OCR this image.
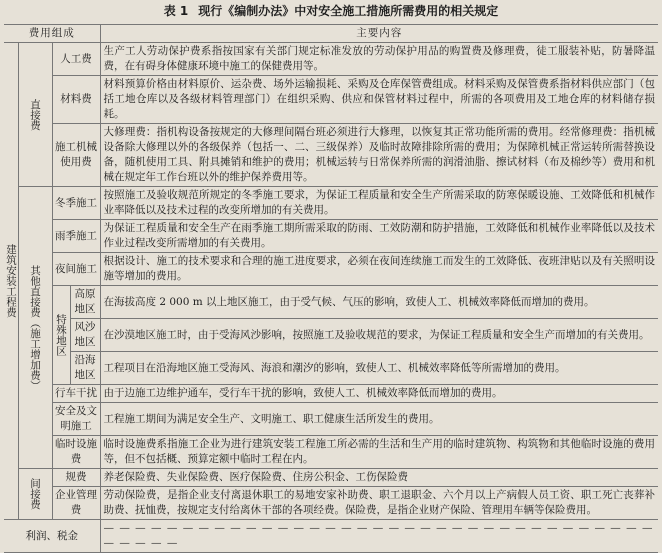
表 1 现行《编制办法》中对安全施工措施所需费用的相关规定
费用组成				主要内容

建筑安装工程费	直接费	人工费		生产工人劳动保护费系指按国家有关部门规定标准发放的劳动保护用品的购置费及修理费，徒工服装补贴，防暑降温费，在有碍身体健康环境中施工的保健费用等。
		材料费		材料预算价格由材料原价、运杂费、场外运输损耗、采购及仓库保管费组成。材料采购及保管费系指材料供应部门（包括工地仓库以及各级材料管理部门）在组织采购、供应和保管材料过程中，所需的各项费用及工地仓库的材料储存损耗。
		施工机械使用费		大修理费：指机构设备按规定的大修理间隔台班必须进行大修理，以恢复其正常功能所需的费用。经常修理费：指机械设备除大修理以外的各级保养（包括一、二、三级保养）及临时故障排除所需的费用；为保障机械正常运转所需替换设备，随机使用工具、附具摊销和维护的费用；机械运转与日常保养所需的润滑油脂、擦试材料（布及棉纱等）费用和机械在规定年工作台班以外的维护保养费用等。

	其他直接费（施工增加费）	冬季施工		按照施工及验收规范所规定的冬季施工要求，为保证工程质量和安全生产所需采取的防寒保暖设施、工效降低和机械作业率降低以及技术过程的改变所增加的有关费用。
		雨季施工		为保证工程质量和安全生产在雨季施工期所需采取的防雨、工效防潮和防护措施，工效降低和机械作业率降低以及技术作业过程改变所需增加的有关费用。
		夜间施工		根据设计、施工的技术要求和合理的施工进度要求，必须在夜间连续施工而发生的工效降低、夜班津贴以及有关照明设施等增加的费用。

		特殊地区	高原地区	在海拔高度 2 000 m 以上地区施工，由于受气候、气压的影响，致使人工、机械效率降低而增加的费用。
			风沙地区	在沙漠地区施工时，由于受海风沙影响，按照施工及验收规范的要求，为保证工程质量和安全生产而增加的有关费用。
			沿海地区	工程项目在沿海地区施工受海风、海浪和潮汐的影响，致使人工、机械效率降低等所需增加的费用。
		行车干扰		由于边施工边维护通车，受行车干扰的影响，致使人工、机械效率降低而增加的费用。
		安全及文明施工		工程施工期间为满足安全生产、文明施工、职工健康生活所发生的费用。
		临时设施费		临时设施费系指施工企业为进行建筑安装工程施工所必需的生活和生产用的临时建筑物、构筑物和其他临时设施的费用等，但不包括概、预算定额中临时工程在内。

	间接费	规费		养老保险费、失业保险费、医疗保险费、住房公积金、工伤保险费
		企业管理费		劳动保险费，是指企业支付离退休职工的易地安家补助费、职工退职金、六个月以上产病假人员工资、职工死亡丧葬补助费、抚恤费，按规定支付给离休干部的各项经费。保险费，是指企业财产保险、管理用车辆等保险费用。
利润、税金				— — — — — — — — — — — — — — — — — — — — — — — — — — — — — — — — — — — — — — — —
